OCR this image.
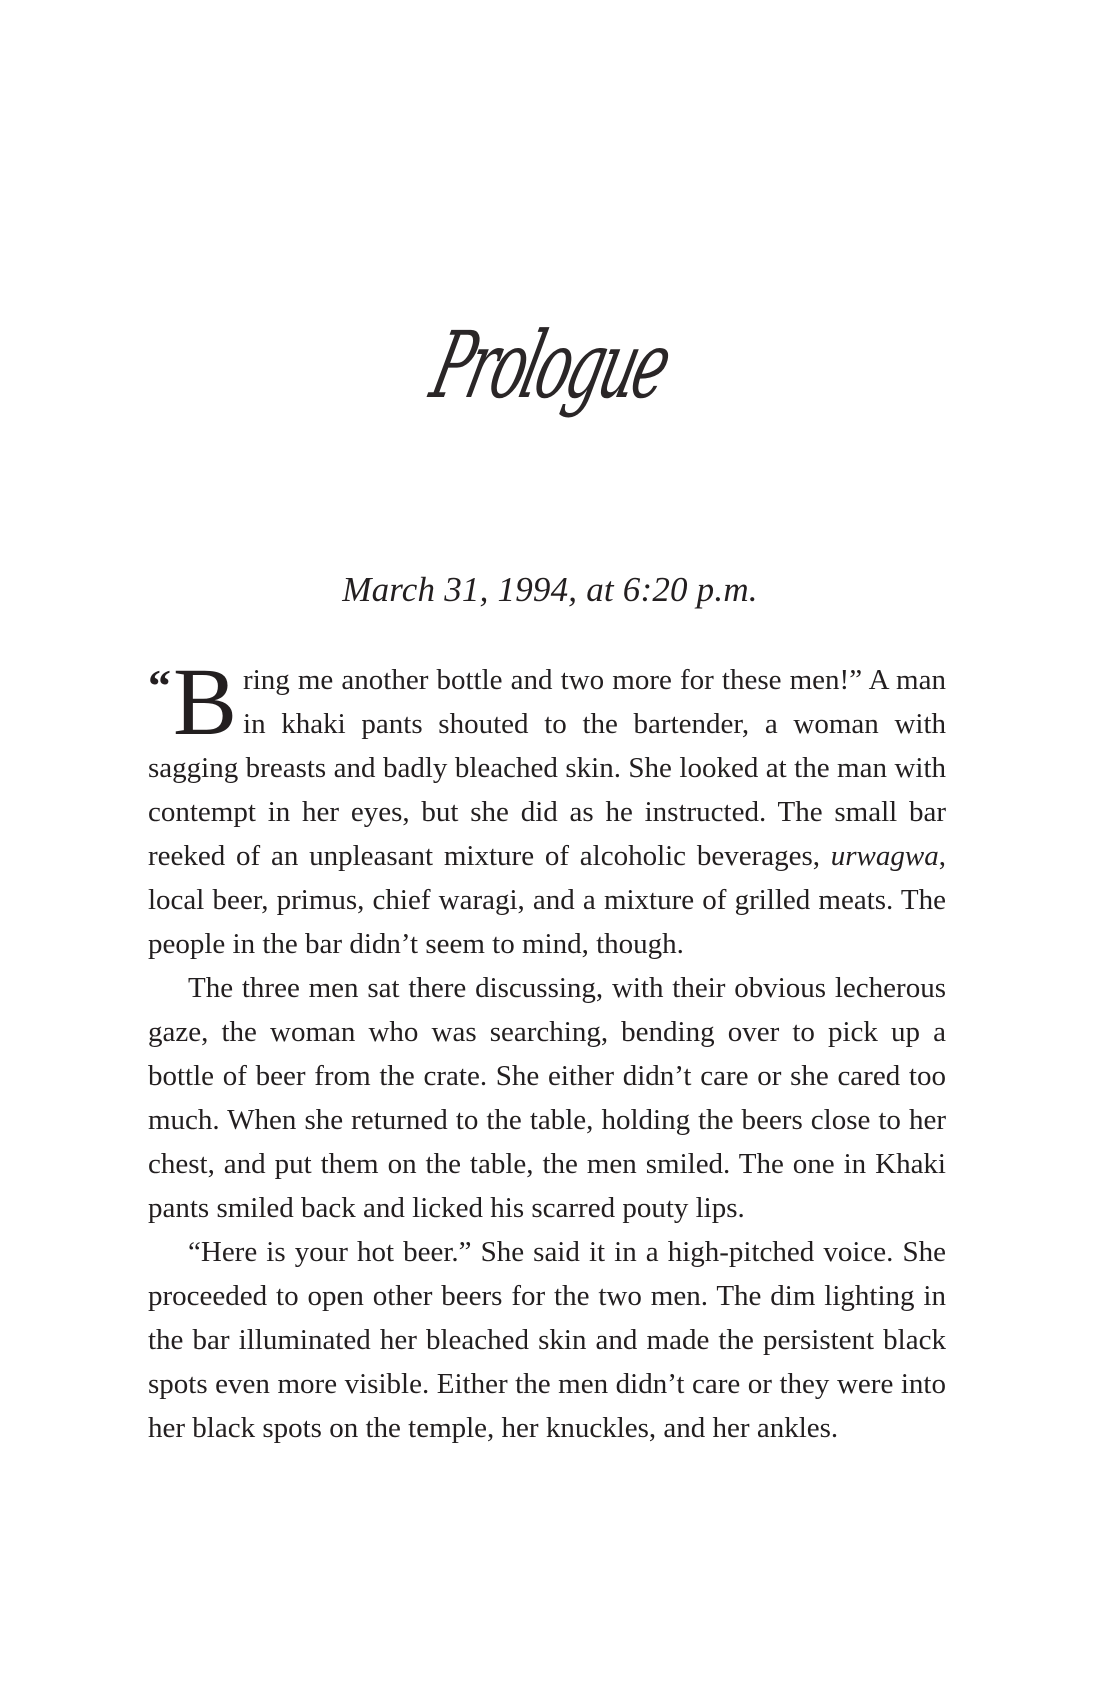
Prologue
March 31, 1994, at 6:20 p.m.

“ B ring me another bottle and two more for these men!” A man in khaki pants shouted to the bartender, a woman with sagging breasts and badly bleached skin. She looked at the man with contempt in her eyes, but she did as he instructed. The small bar reeked of an unpleasant mixture of alcoholic beverages, urwagwa, local beer, primus, chief waragi, and a mixture of grilled meats. The people in the bar didn’t seem to mind, though.

The three men sat there discussing, with their obvious lecherous gaze, the woman who was searching, bending over to pick up a bottle of beer from the crate. She either didn’t care or she cared too much. When she returned to the table, holding the beers close to her chest, and put them on the table, the men smiled. The one in Khaki pants smiled back and licked his scarred pouty lips.

“Here is your hot beer.” She said it in a high-pitched voice. She proceeded to open other beers for the two men. The dim lighting in the bar illuminated her bleached skin and made the persistent black spots even more visible. Either the men didn’t care or they were into her black spots on the temple, her knuckles, and her ankles.
